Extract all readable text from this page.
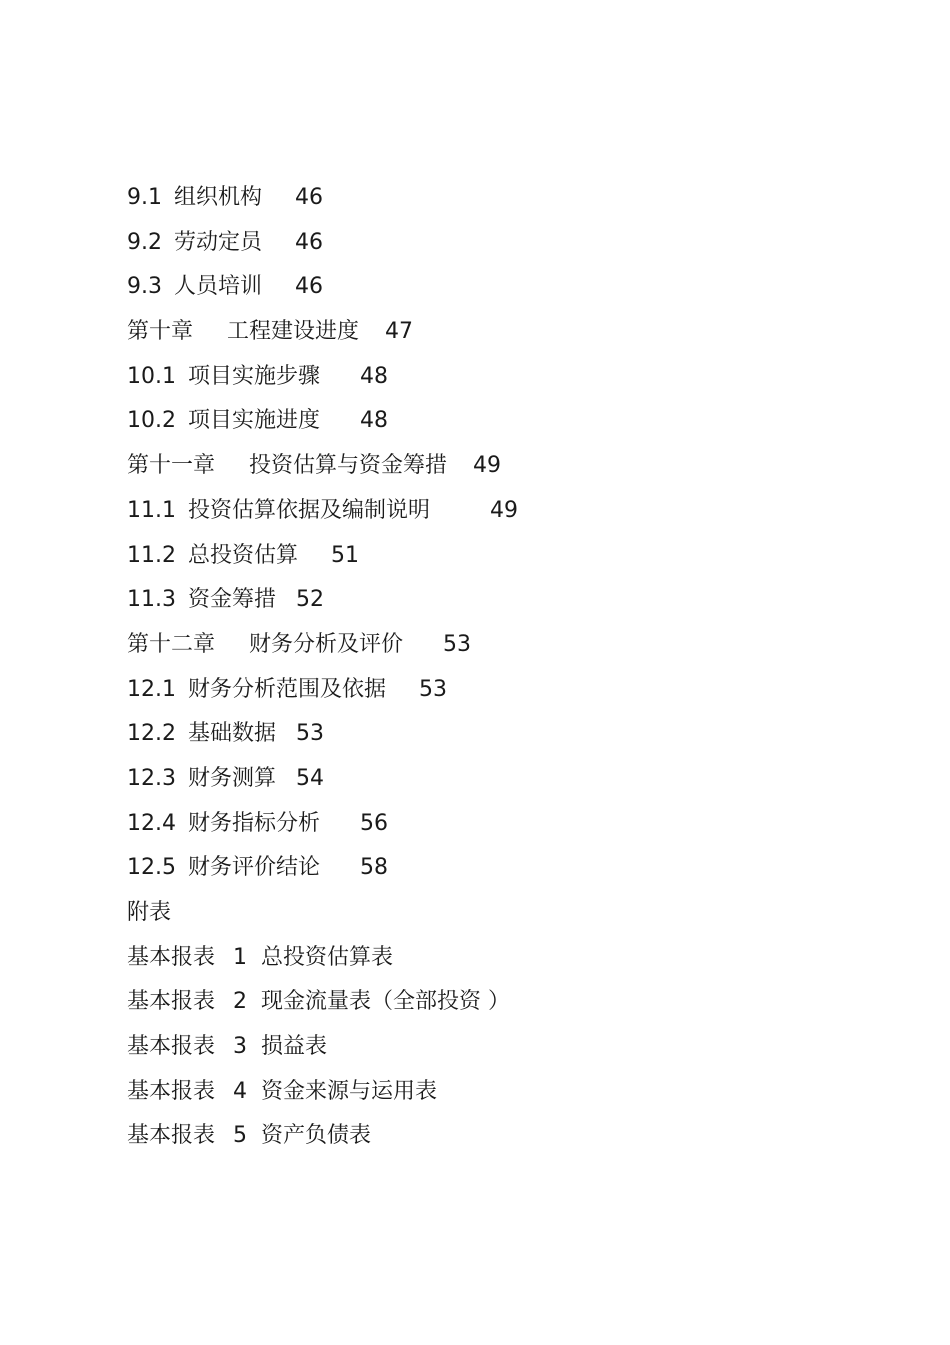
9.1 组织机构 46
9.2 劳动定员 46
9.3 人员培训 46
第十章 工程建设进度 47
10.1 项目实施步骤 48
10.2 项目实施进度 48
第十一章 投资估算与资金筹措 49
11.1 投资估算依据及编制说明	49
11.2 总投资估算 51
11.3 资金筹措 52
第十二章 财务分析及评价 53
12.1 财务分析范围及依据 53
12.2 基础数据 53
12.3 财务测算 54
12.4 财务指标分析 56
12.5 财务评价结论 58
附表
基本报表 1 总投资估算表
基本报表 2 现金流量表（全部投资 ）
基本报表 3 损益表
基本报表 4 资金来源与运用表
基本报表 5 资产负债表
